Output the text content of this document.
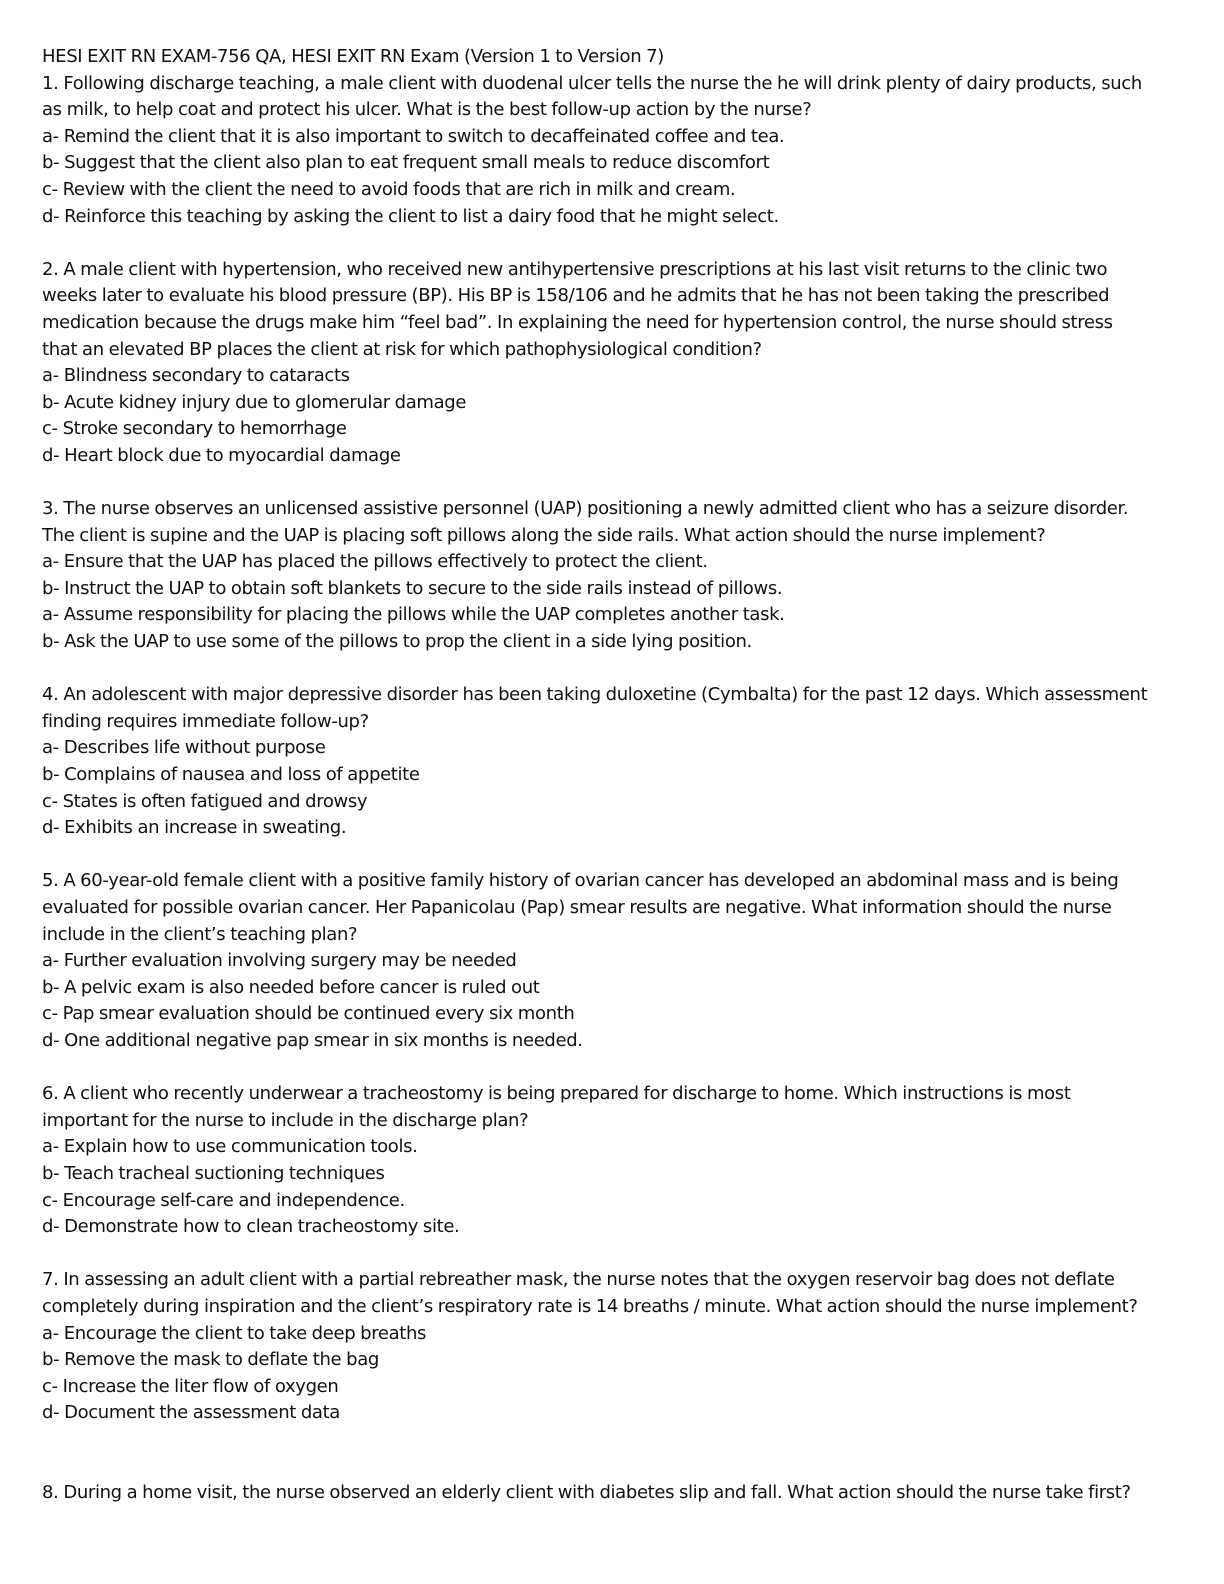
HESI EXIT RN EXAM-756 QA, HESI EXIT RN Exam (Version 1 to Version 7)
1. Following discharge teaching, a male client with duodenal ulcer tells the nurse the he will drink plenty of dairy products, such
as milk, to help coat and protect his ulcer. What is the best follow-up action by the nurse?
a- Remind the client that it is also important to switch to decaffeinated coffee and tea.
b- Suggest that the client also plan to eat frequent small meals to reduce discomfort
c- Review with the client the need to avoid foods that are rich in milk and cream.
d- Reinforce this teaching by asking the client to list a dairy food that he might select.
2. A male client with hypertension, who received new antihypertensive prescriptions at his last visit returns to the clinic two
weeks later to evaluate his blood pressure (BP). His BP is 158/106 and he admits that he has not been taking the prescribed
medication because the drugs make him “feel bad”. In explaining the need for hypertension control, the nurse should stress
that an elevated BP places the client at risk for which pathophysiological condition?
a- Blindness secondary to cataracts
b- Acute kidney injury due to glomerular damage
c- Stroke secondary to hemorrhage
d- Heart block due to myocardial damage
3. The nurse observes an unlicensed assistive personnel (UAP) positioning a newly admitted client who has a seizure disorder.
The client is supine and the UAP is placing soft pillows along the side rails. What action should the nurse implement?
a- Ensure that the UAP has placed the pillows effectively to protect the client.
b- Instruct the UAP to obtain soft blankets to secure to the side rails instead of pillows.
a- Assume responsibility for placing the pillows while the UAP completes another task.
b- Ask the UAP to use some of the pillows to prop the client in a side lying position.
4. An adolescent with major depressive disorder has been taking duloxetine (Cymbalta) for the past 12 days. Which assessment
finding requires immediate follow-up?
a- Describes life without purpose
b- Complains of nausea and loss of appetite
c- States is often fatigued and drowsy
d- Exhibits an increase in sweating.
5. A 60-year-old female client with a positive family history of ovarian cancer has developed an abdominal mass and is being
evaluated for possible ovarian cancer. Her Papanicolau (Pap) smear results are negative. What information should the nurse
include in the client’s teaching plan?
a- Further evaluation involving surgery may be needed
b- A pelvic exam is also needed before cancer is ruled out
c- Pap smear evaluation should be continued every six month
d- One additional negative pap smear in six months is needed.
6. A client who recently underwear a tracheostomy is being prepared for discharge to home. Which instructions is most
important for the nurse to include in the discharge plan?
a- Explain how to use communication tools.
b- Teach tracheal suctioning techniques
c- Encourage self-care and independence.
d- Demonstrate how to clean tracheostomy site.
7. In assessing an adult client with a partial rebreather mask, the nurse notes that the oxygen reservoir bag does not deflate
completely during inspiration and the client’s respiratory rate is 14 breaths / minute. What action should the nurse implement?
a- Encourage the client to take deep breaths
b- Remove the mask to deflate the bag
c- Increase the liter flow of oxygen
d- Document the assessment data
8. During a home visit, the nurse observed an elderly client with diabetes slip and fall. What action should the nurse take first?
